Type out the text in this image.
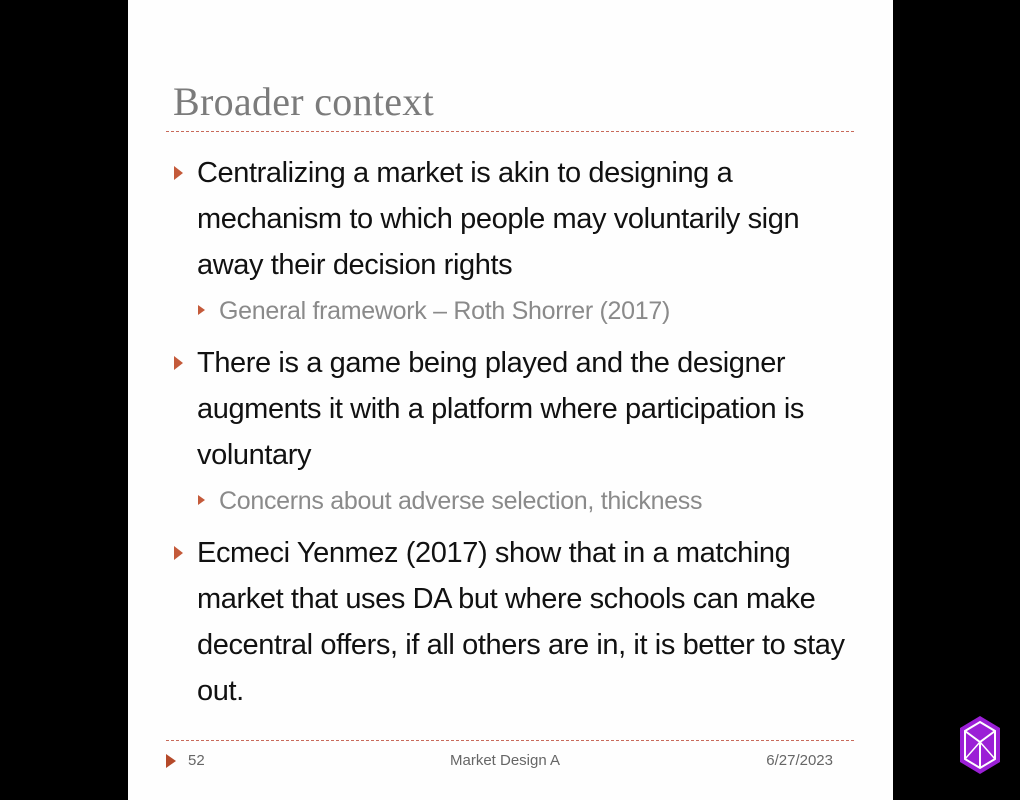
Broader context
Centralizing a market is akin to designing a mechanism to which people may voluntarily sign away their decision rights
General framework – Roth Shorrer (2017)
There is a game being played and the designer augments it with a platform where participation is voluntary
Concerns about adverse selection, thickness
Ecmeci Yenmez (2017) show that in a matching market that uses DA but where schools can make decentral offers, if all others are in, it is better to stay out.
52	Market Design A	6/27/2023
